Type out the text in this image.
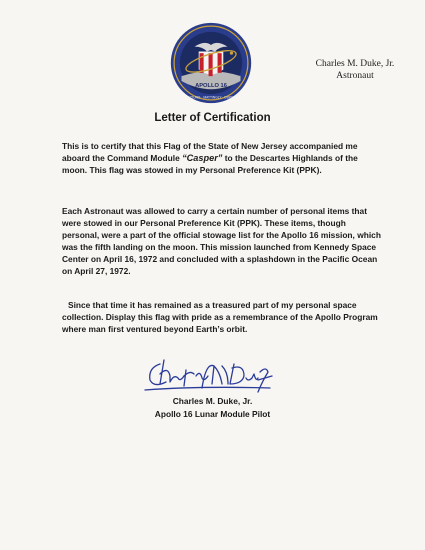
APOLLO 16
YOUNG · MATTINGLY · DUKE
Charles M. Duke, Jr.
Astronaut
Letter of Certification
This is to certify that this Flag of the State of New Jersey accompanied me aboard the Command Module “Casper” to the Descartes Highlands of the moon. This flag was stowed in my Personal Preference Kit (PPK).
Each Astronaut was allowed to carry a certain number of personal items that were stowed in our Personal Preference Kit (PPK). These items, though personal, were a part of the official stowage list for the Apollo 16 mission, which was the fifth landing on the moon. This mission launched from Kennedy Space Center on April 16, 1972 and concluded with a splashdown in the Pacific Ocean on April 27, 1972.
Since that time it has remained as a treasured part of my personal space collection. Display this flag with pride as a remembrance of the Apollo Program where man first ventured beyond Earth’s orbit.
Charles M. Duke, Jr.
Apollo 16 Lunar Module Pilot
